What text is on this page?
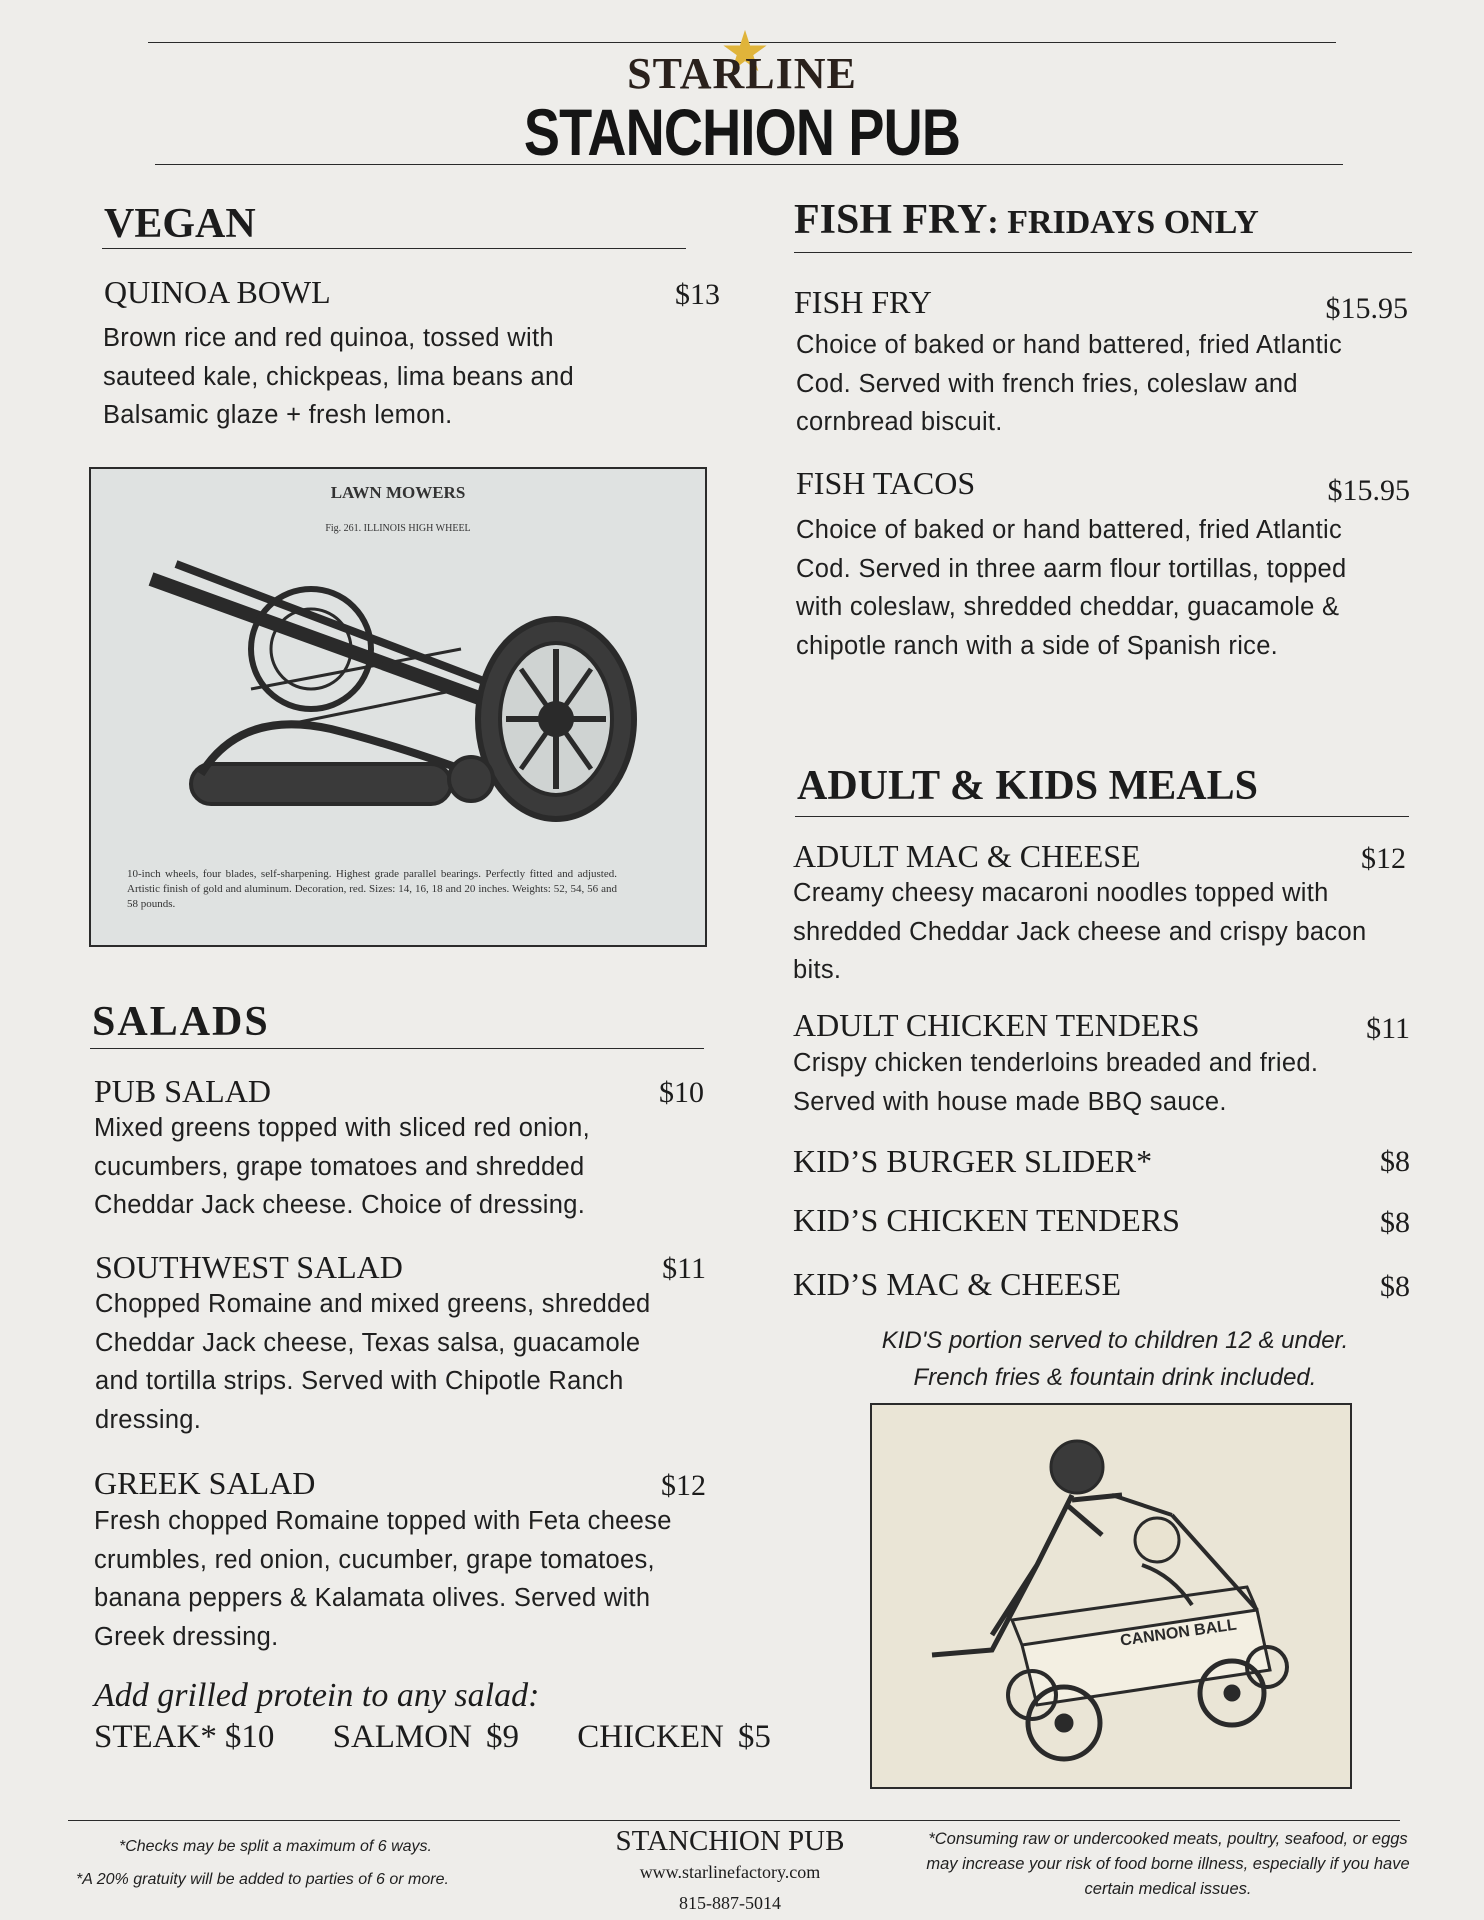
STARLINE
STANCHION PUB
VEGAN
QUINOA BOWL	$13
Brown rice and red quinoa, tossed with sauteed kale, chickpeas, lima beans and Balsamic glaze + fresh lemon.
LAWN MOWERS
Fig. 261. ILLINOIS HIGH WHEEL
10-inch wheels, four blades, self-sharpening. Highest grade parallel bearings. Perfectly fitted and adjusted. Artistic finish of gold and aluminum. Decoration, red. Sizes: 14, 16, 18 and 20 inches. Weights: 52, 54, 56 and 58 pounds.
SALADS
PUB SALAD	$10
Mixed greens topped with sliced red onion, cucumbers, grape tomatoes and shredded Cheddar Jack cheese. Choice of dressing.
SOUTHWEST SALAD	$11
Chopped Romaine and mixed greens, shredded Cheddar Jack cheese, Texas salsa, guacamole and tortilla strips. Served with Chipotle Ranch dressing.
GREEK SALAD	$12
Fresh chopped Romaine topped with Feta cheese crumbles, red onion, cucumber, grape tomatoes, banana peppers & Kalamata olives. Served with Greek dressing.
Add grilled protein to any salad:
STEAK* $10 SALMON $9 CHICKEN $5
FISH FRY: FRIDAYS ONLY
FISH FRY	$15.95
Choice of baked or hand battered, fried Atlantic Cod. Served with french fries, coleslaw and cornbread biscuit.
FISH TACOS	$15.95
Choice of baked or hand battered, fried Atlantic Cod. Served in three aarm flour tortillas, topped with coleslaw, shredded cheddar, guacamole & chipotle ranch with a side of Spanish rice.
ADULT & KIDS MEALS
ADULT MAC & CHEESE	$12
Creamy cheesy macaroni noodles topped with shredded Cheddar Jack cheese and crispy bacon bits.
ADULT CHICKEN TENDERS	$11
Crispy chicken tenderloins breaded and fried. Served with house made BBQ sauce.
KID’S BURGER SLIDER*	$8
KID’S CHICKEN TENDERS	$8
KID’S MAC & CHEESE	$8
KID'S portion served to children 12 & under.
French fries & fountain drink included.
CANNON BALL
*Checks may be split a maximum of 6 ways.
*A 20% gratuity will be added to parties of 6 or more.
STANCHION PUB
www.starlinefactory.com
815-887-5014
*Consuming raw or undercooked meats, poultry, seafood, or eggs may increase your risk of food borne illness, especially if you have certain medical issues.
